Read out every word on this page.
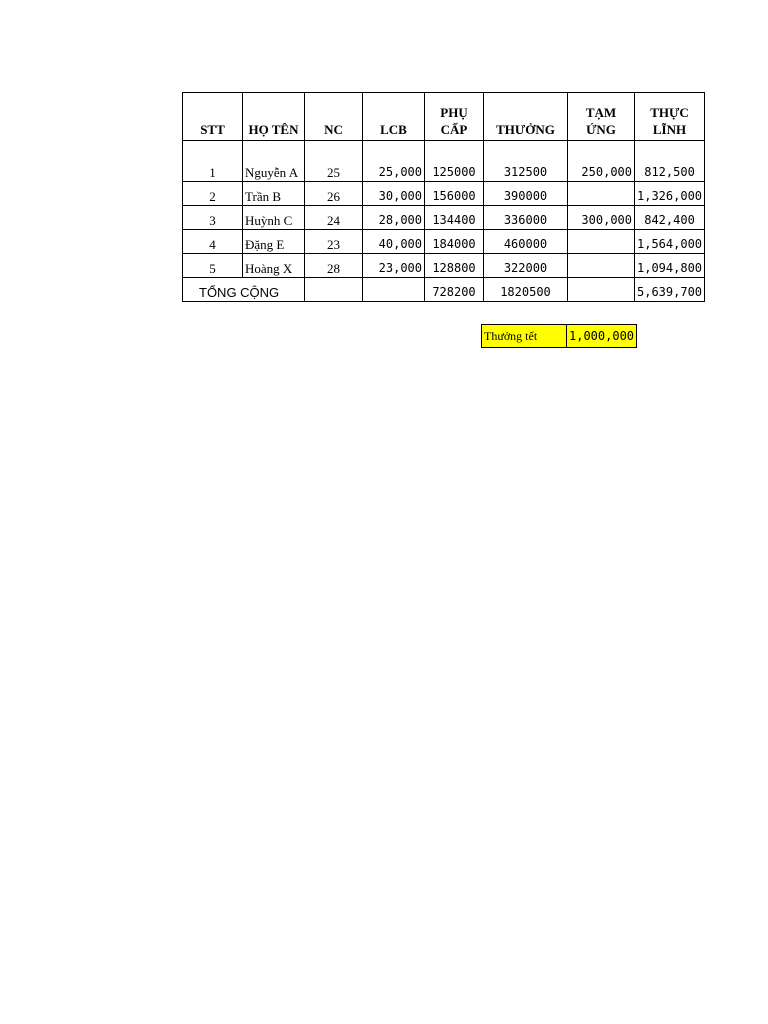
STT	HỌ TÊN	NC	LCB	PHỤ CẤP	THƯỞNG	TẠM ỨNG	THỰC LĨNH
1	Nguyễn A	25	25,000	125000	312500	250,000	812,500
2	Trần B	26	30,000	156000	390000		1,326,000
3	Huỳnh C	24	28,000	134400	336000	300,000	842,400
4	Đặng E	23	40,000	184000	460000		1,564,000
5	Hoàng X	28	23,000	128800	322000		1,094,800
TỔNG CỘNG				728200	1820500		5,639,700
Thưởng tết	1,000,000
